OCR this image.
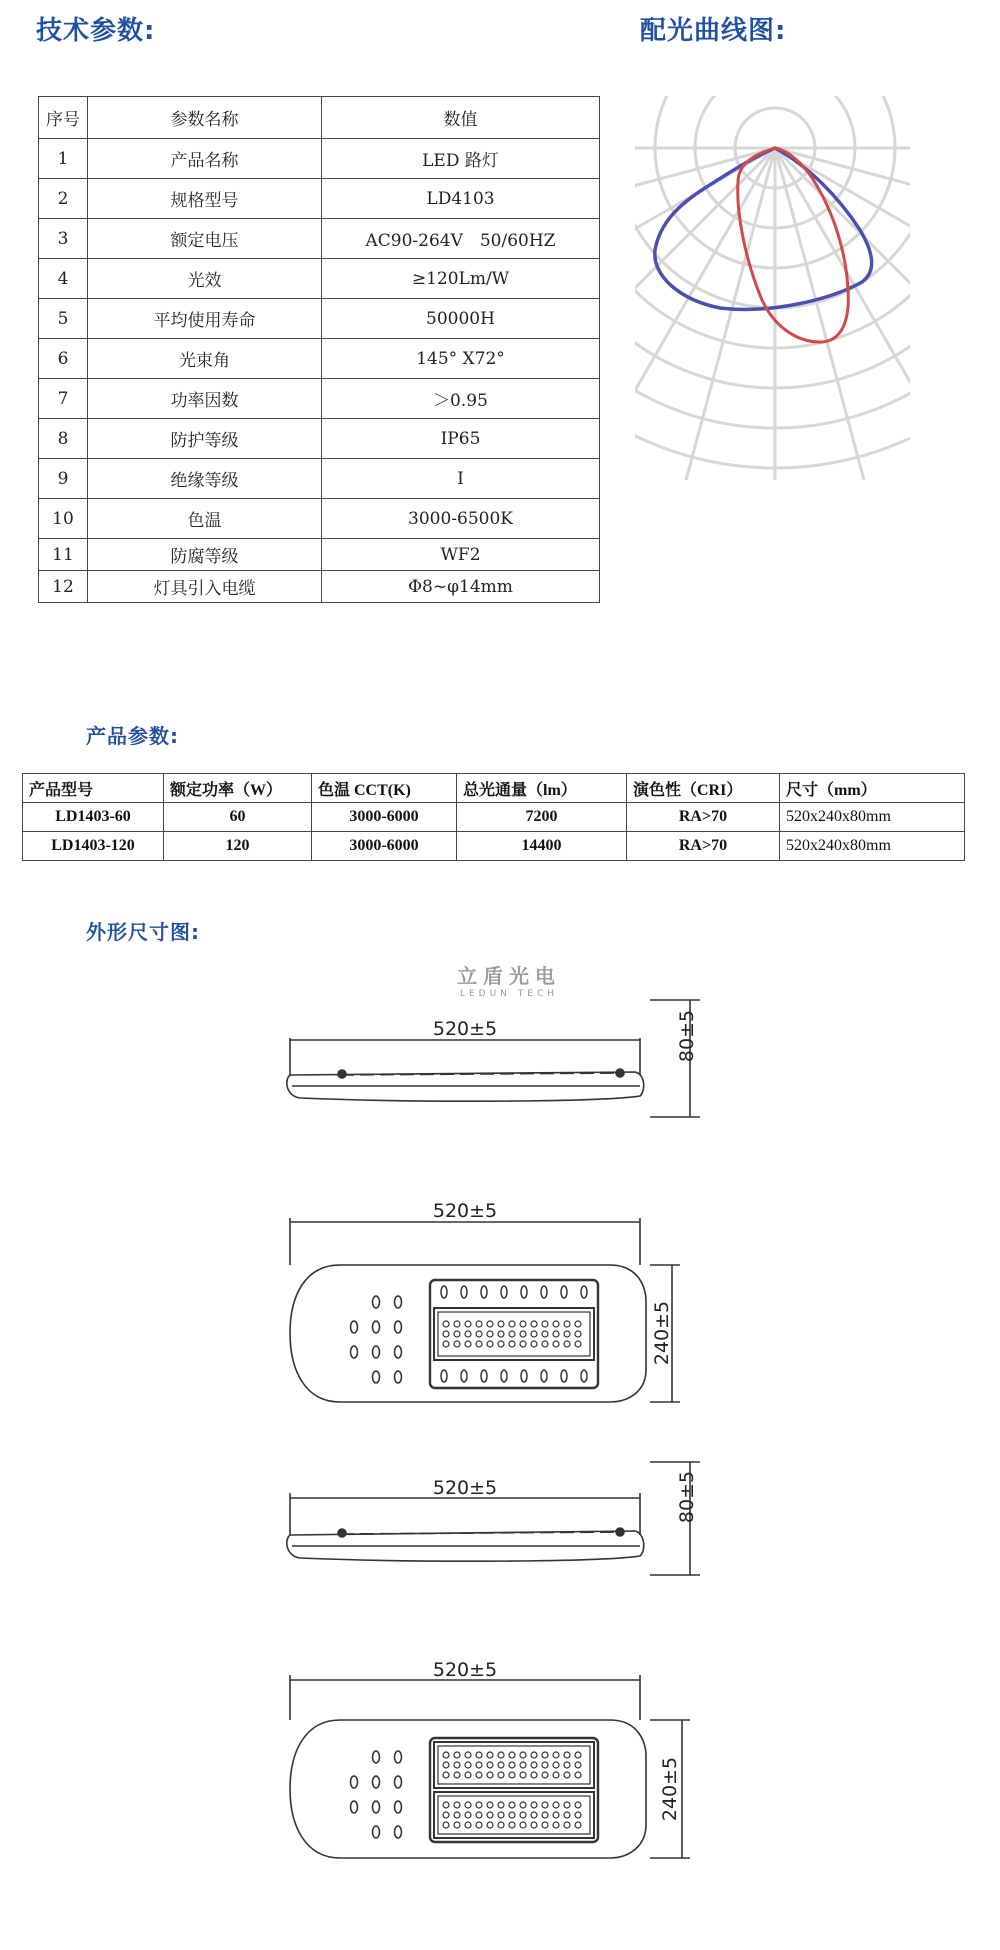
技术参数:	配光曲线图:
产品参数:
外形尺寸图:
序号	参数名称	数值
1	产品名称	LED 路灯
2	规格型号	LD4103
3	额定电压	AC90-264V　50/60HZ
4	光效	≥120Lm/W
5	平均使用寿命	50000H
6	光束角	145° X72°
7	功率因数	＞0.95
8	防护等级	IP65
9	绝缘等级	I
10	色温	3000-6500K
11	防腐等级	WF2
12	灯具引入电缆	Φ8~φ14mm
产品型号	额定功率（W）	色温 CCT(K)	总光通量（lm）	演色性（CRI）	尺寸（mm）
LD1403-60	60	3000-6000	7200	RA>70	520x240x80mm
LD1403-120	120	3000-6000	14400	RA>70	520x240x80mm
立盾光电
LEDUN TECH
520±5	80±5
520±5
240±5
520±5	80±5
520±5
240±5
